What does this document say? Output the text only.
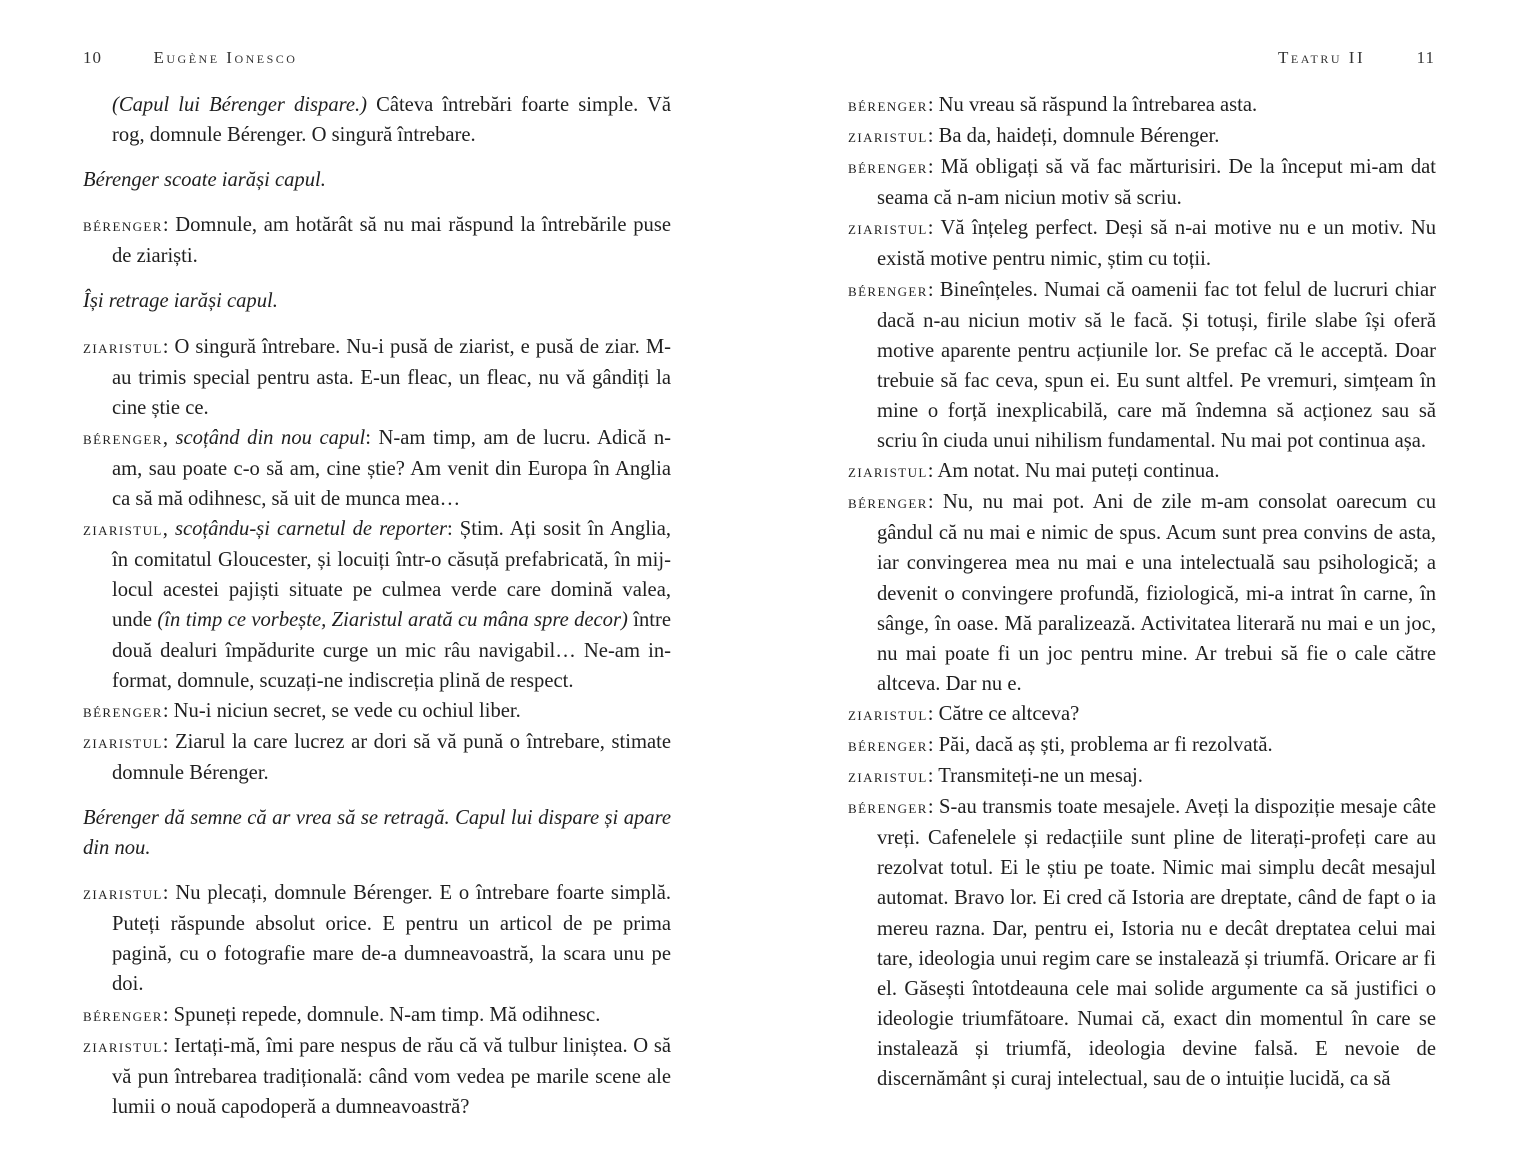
10	Eugène Ionesco

(Capul lui Bérenger dispare.) Câteva întrebări foarte simple. Vă rog, domnule Bérenger. O singură întrebare.

Bérenger scoate iarăși capul.

bérenger: Domnule, am hotărât să nu mai răspund la întrebările puse de ziariști.

Își retrage iarăși capul.

ziaristul: O singură întrebare. Nu-i pusă de ziarist, e pusă de ziar. M-au trimis special pentru asta. E-un fleac, un fleac, nu vă gândiți la cine știe ce.

bérenger, scoțând din nou capul: N-am timp, am de lucru. Adică n-am, sau poate c-o să am, cine știe? Am venit din Europa în Anglia ca să mă odihnesc, să uit de munca mea…

ziaristul, scoțându-și carnetul de reporter: Știm. Ați sosit în Anglia, în comitatul Gloucester, și locuiți într-o căsuță prefabricată, în mijlocul acestei pajiști situate pe culmea verde care domină valea, unde (în timp ce vorbește, Ziaristul arată cu mâna spre decor) între două dealuri împădurite curge un mic râu navigabil… Ne-am informat, domnule, scuzați-ne indiscreția plină de respect.

bérenger: Nu-i niciun secret, se vede cu ochiul liber.

ziaristul: Ziarul la care lucrez ar dori să vă pună o întrebare, stimate domnule Bérenger.

Bérenger dă semne că ar vrea să se retragă. Capul lui dispare și apare din nou.

ziaristul: Nu plecați, domnule Bérenger. E o întrebare foarte simplă. Puteți răspunde absolut orice. E pentru un articol de pe prima pagină, cu o fotografie mare de-a dumneavoastră, la scara unu pe doi.

bérenger: Spuneți repede, domnule. N-am timp. Mă odihnesc.

ziaristul: Iertați-mă, îmi pare nespus de rău că vă tulbur liniștea. O să vă pun întrebarea tradițională: când vom vedea pe marile scene ale lumii o nouă capodoperă a dumneavoastră?

Teatru II	11

bérenger: Nu vreau să răspund la întrebarea asta.

ziaristul: Ba da, haideți, domnule Bérenger.

bérenger: Mă obligați să vă fac mărturisiri. De la început mi-am dat seama că n-am niciun motiv să scriu.

ziaristul: Vă înțeleg perfect. Deși să n-ai motive nu e un motiv. Nu există motive pentru nimic, știm cu toții.

bérenger: Bineînțeles. Numai că oamenii fac tot felul de lucruri chiar dacă n-au niciun motiv să le facă. Și totuși, firile slabe își oferă motive aparente pentru acțiunile lor. Se prefac că le acceptă. Doar trebuie să fac ceva, spun ei. Eu sunt altfel. Pe vremuri, simțeam în mine o forță inexplicabilă, care mă îndemna să acționez sau să scriu în ciuda unui nihilism fundamental. Nu mai pot continua așa.

ziaristul: Am notat. Nu mai puteți continua.

bérenger: Nu, nu mai pot. Ani de zile m-am consolat oarecum cu gândul că nu mai e nimic de spus. Acum sunt prea convins de asta, iar convingerea mea nu mai e una intelectuală sau psihologică; a devenit o convingere profundă, fiziologică, mi-a intrat în carne, în sânge, în oase. Mă paralizează. Activitatea literară nu mai e un joc, nu mai poate fi un joc pentru mine. Ar trebui să fie o cale către altceva. Dar nu e.

ziaristul: Către ce altceva?

bérenger: Păi, dacă aș ști, problema ar fi rezolvată.

ziaristul: Transmiteți-ne un mesaj.

bérenger: S-au transmis toate mesajele. Aveți la dispoziție mesaje câte vreți. Cafenelele și redacțiile sunt pline de literați-profeți care au rezolvat totul. Ei le știu pe toate. Nimic mai simplu decât mesajul automat. Bravo lor. Ei cred că Istoria are dreptate, când de fapt o ia mereu razna. Dar, pentru ei, Istoria nu e decât dreptatea celui mai tare, ideologia unui regim care se instalează și triumfă. Oricare ar fi el. Găsești întotdeauna cele mai solide argumente ca să justifici o ideologie triumfătoare. Numai că, exact din momentul în care se instalează și triumfă, ideologia devine falsă. E nevoie de discernământ și curaj intelectual, sau de o intuiție lucidă, ca să
